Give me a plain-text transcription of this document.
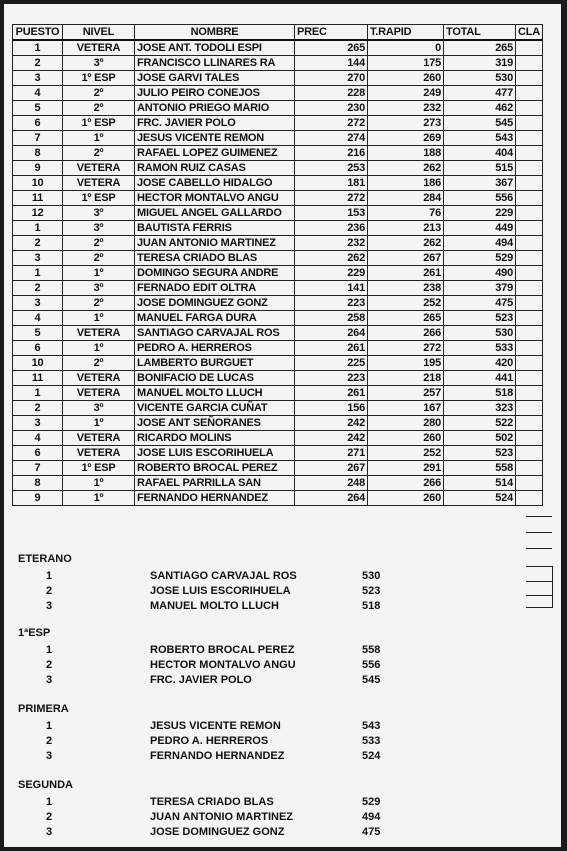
PUESTO	NIVEL	NOMBRE	PREC	T.RAPID	TOTAL	CLA
1	VETERA	JOSE ANT. TODOLI ESPI	265	0	265	
2	3º	FRANCISCO LLINARES RA	144	175	319	
3	1º ESP	JOSE GARVI TALES	270	260	530	
4	2º	JULIO PEIRO CONEJOS	228	249	477	
5	2º	ANTONIO PRIEGO MARIO	230	232	462	
6	1º ESP	FRC. JAVIER POLO	272	273	545	
7	1º	JESUS VICENTE REMON	274	269	543	
8	2º	RAFAEL LOPEZ GUIMENEZ	216	188	404	
9	VETERA	RAMON RUIZ CASAS	253	262	515	
10	VETERA	JOSE CABELLO HIDALGO	181	186	367	
11	1º ESP	HECTOR MONTALVO ANGU	272	284	556	
12	3º	MIGUEL ANGEL GALLARDO	153	76	229	
1	3º	BAUTISTA FERRIS	236	213	449	
2	2º	JUAN ANTONIO MARTINEZ	232	262	494	
3	2º	TERESA CRIADO BLAS	262	267	529	
1	1º	DOMINGO SEGURA ANDRE	229	261	490	
2	3º	FERNADO EDIT OLTRA	141	238	379	
3	2º	JOSE DOMINGUEZ GONZ	223	252	475	
4	1º	MANUEL FARGA DURA	258	265	523	
5	VETERA	SANTIAGO CARVAJAL ROS	264	266	530	
6	1º	PEDRO A. HERREROS	261	272	533	
10	2º	LAMBERTO BURGUET	225	195	420	
11	VETERA	BONIFACIO DE LUCAS	223	218	441	
1	VETERA	MANUEL MOLTO LLUCH	261	257	518	
2	3º	VICENTE GARCIA CUÑAT	156	167	323	
3	1º	JOSE ANT SEÑORANES	242	280	522	
4	VETERA	RICARDO MOLINS	242	260	502	
6	VETERA	JOSE LUIS ESCORIHUELA	271	252	523	
7	1º ESP	ROBERTO BROCAL PEREZ	267	291	558	
8	1º	RAFAEL PARRILLA SAN	248	266	514	
9	1º	FERNANDO HERNANDEZ	264	260	524	
ETERANO
1	SANTIAGO CARVAJAL ROS	530
2	JOSE LUIS ESCORIHUELA	523
3	MANUEL MOLTO LLUCH	518
1ªESP
1	ROBERTO BROCAL PEREZ	558
2	HECTOR MONTALVO ANGU	556
3	FRC. JAVIER POLO	545
PRIMERA
1	JESUS VICENTE REMON	543
2	PEDRO A. HERREROS	533
3	FERNANDO HERNANDEZ	524
SEGUNDA
1	TERESA CRIADO BLAS	529
2	JUAN ANTONIO MARTINEZ	494
3	JOSE DOMINGUEZ GONZ	475
